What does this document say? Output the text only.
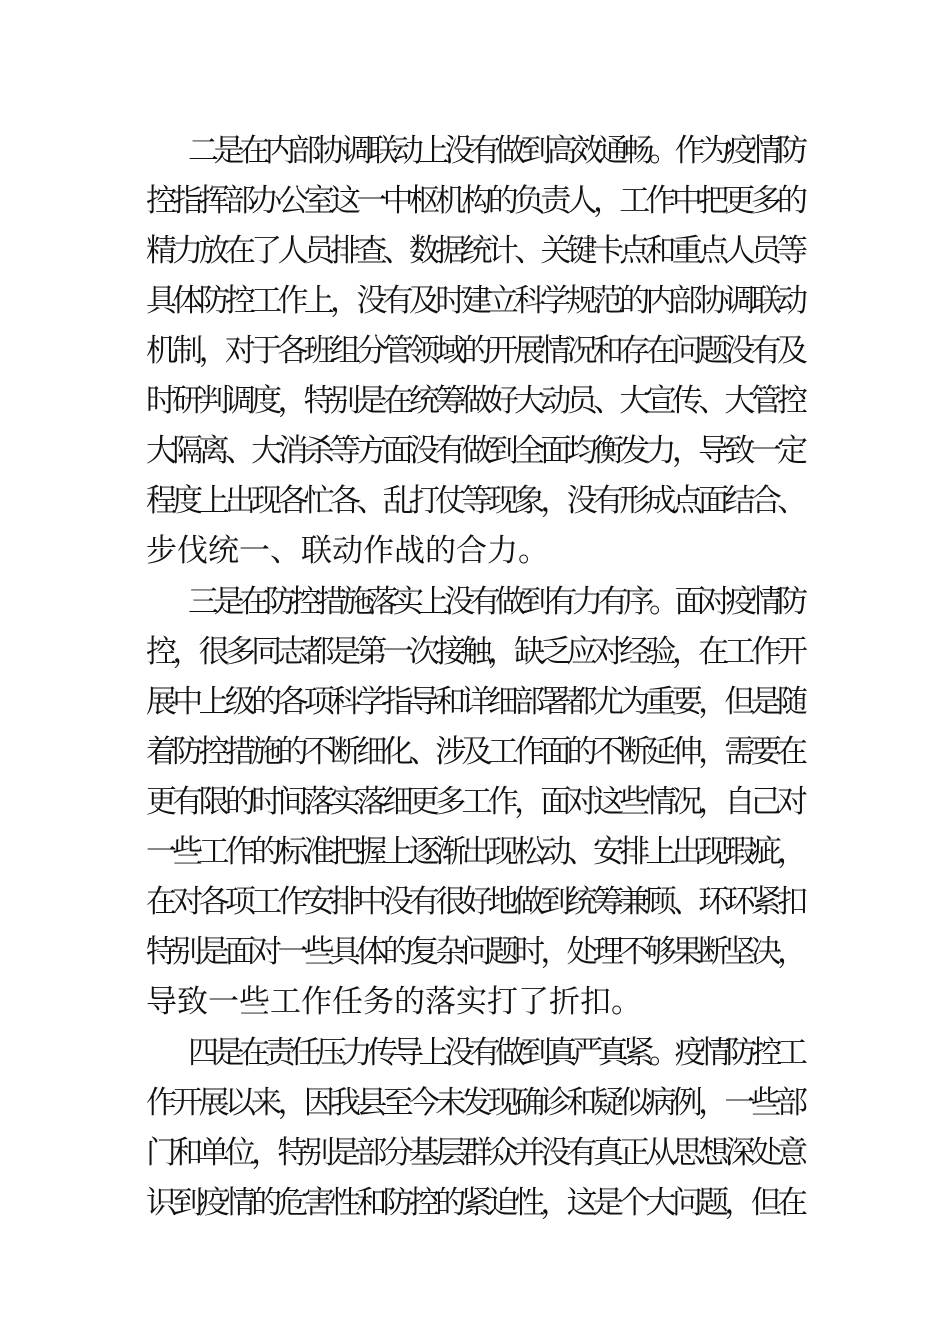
二是在内部协调联动上没有做到高效通畅。作为疫情防
控指挥部办公室这一中枢机构的负责人，工作中把更多的
精力放在了人员排查、数据统计、关键卡点和重点人员等
具体防控工作上，没有及时建立科学规范的内部协调联动
机制，对于各班组分管领域的开展情况和存在问题没有及
时研判调度，特别是在统筹做好大动员、大宣传、大管控
大隔离、大消杀等方面没有做到全面均衡发力，导致一定
程度上出现各忙各、乱打仗等现象，没有形成点面结合、
步伐统一、联动作战的合力。
三是在防控措施落实上没有做到有力有序。面对疫情防
控，很多同志都是第一次接触，缺乏应对经验，在工作开
展中上级的各项科学指导和详细部署都尤为重要，但是随
着防控措施的不断细化、涉及工作面的不断延伸，需要在
更有限的时间落实落细更多工作，面对这些情况，自己对
一些工作的标准把握上逐渐出现松动、安排上出现瑕疵，
在对各项工作安排中没有很好地做到统筹兼顾、环环紧扣
特别是面对一些具体的复杂问题时，处理不够果断坚决，
导致一些工作任务的落实打了折扣。
四是在责任压力传导上没有做到真严真紧。疫情防控工
作开展以来，因我县至今未发现确诊和疑似病例，一些部
门和单位，特别是部分基层群众并没有真正从思想深处意
识到疫情的危害性和防控的紧迫性，这是个大问题，但在
